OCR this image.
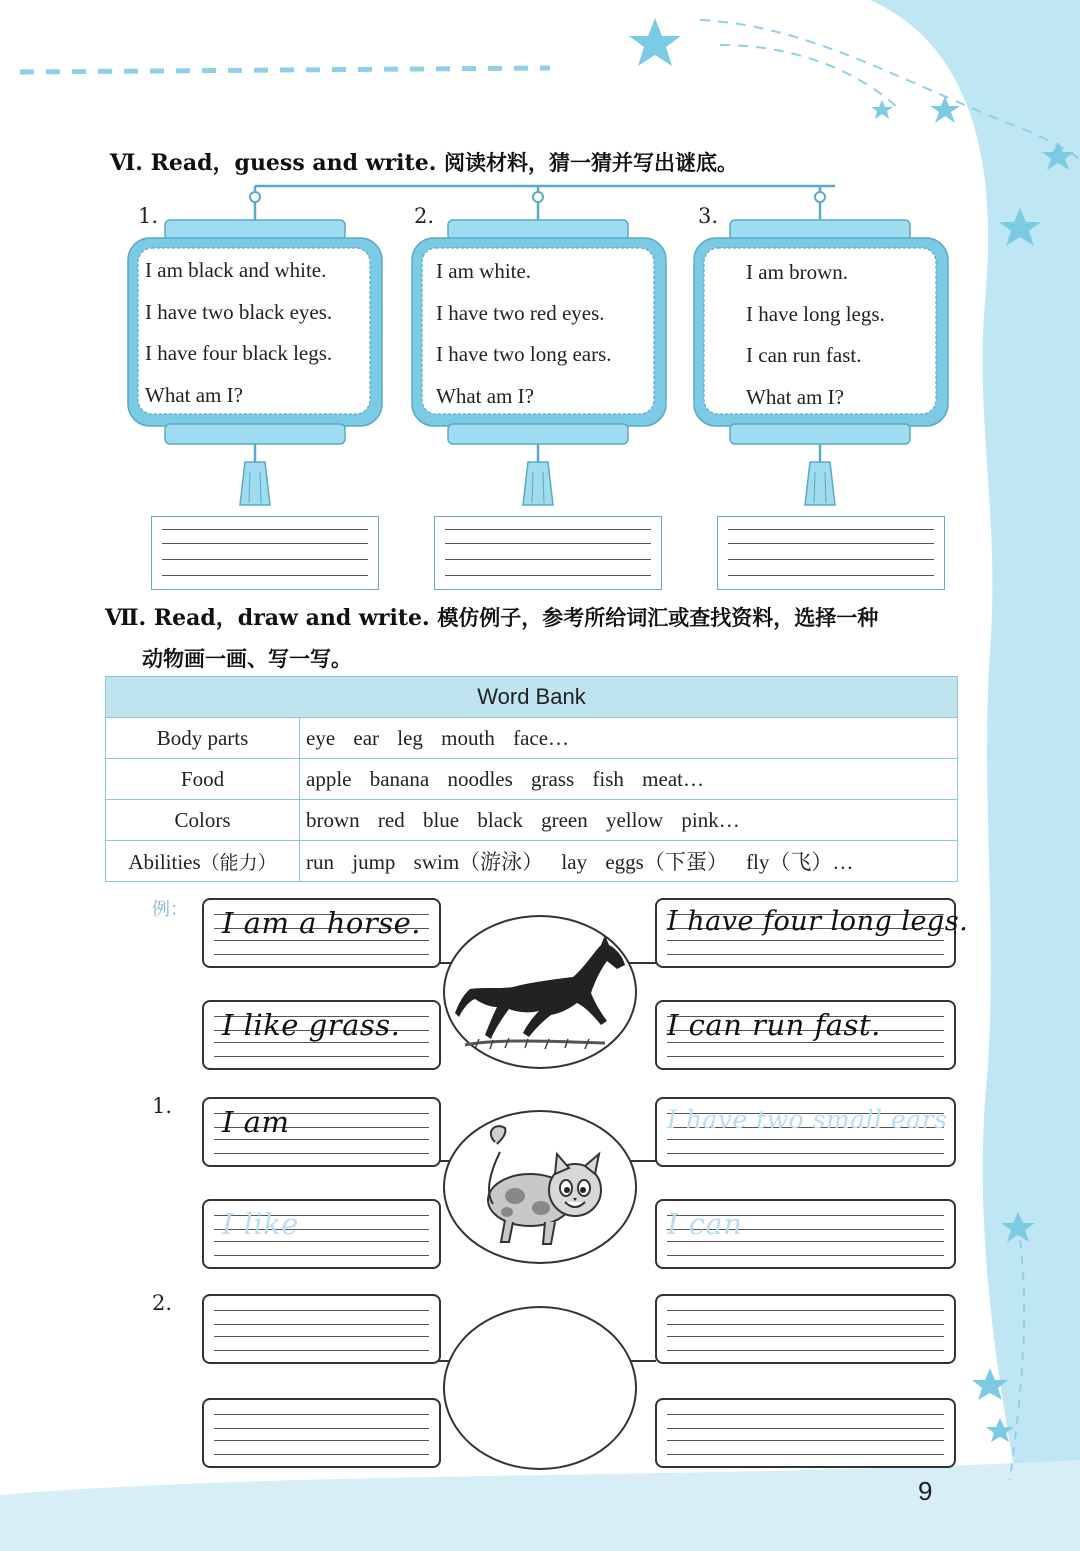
Ⅵ. Read，guess and write. 阅读材料，猜一猜并写出谜底。
1.	2.	3.
I am black and white.
I have two black eyes.
I have four black legs.
What am I?
I am white.
I have two red eyes.
I have two long ears.
What am I?
I am brown.
I have long legs.
I can run fast.
What am I?
Ⅶ. Read，draw and write. 模仿例子，参考所给词汇或查找资料，选择一种
动物画一画、写一写。
Word Bank	
Body parts	eye ear leg mouth face…
Food	apple banana noodles grass fish meat…
Colors	brown red blue black green yellow pink…
Abilities（能力）	run jump swim（游泳） lay eggs（下蛋） fly（飞）…
例： I am a horse.
I like grass.
I have four long legs.
I can run fast.
1. I am
I like
I have two small ears
I can
2.
9
